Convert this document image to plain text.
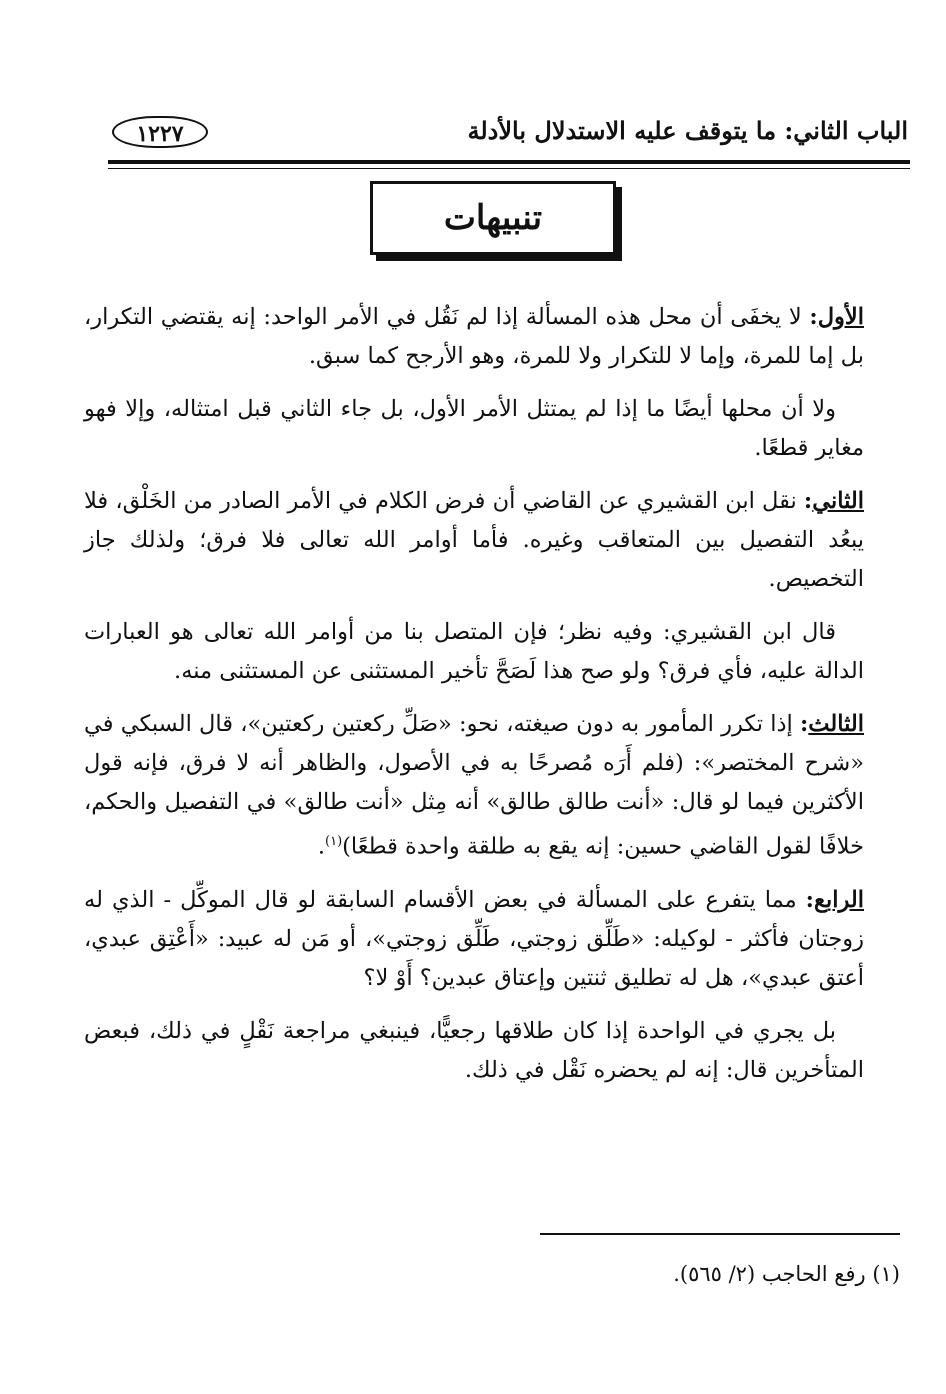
الباب الثاني: ما يتوقف عليه الاستدلال بالأدلة
١٢٢٧
تنبيهات

الأول: لا يخفَى أن محل هذه المسألة إذا لم نَقُل في الأمر الواحد: إنه يقتضي التكرار، بل إما للمرة، وإما لا للتكرار ولا للمرة، وهو الأرجح كما سبق.

ولا أن محلها أيضًا ما إذا لم يمتثل الأمر الأول، بل جاء الثاني قبل امتثاله، وإلا فهو مغاير قطعًا.

الثاني: نقل ابن القشيري عن القاضي أن فرض الكلام في الأمر الصادر من الخَلْق، فلا يبعُد التفصيل بين المتعاقب وغيره. فأما أوامر الله تعالى فلا فرق؛ ولذلك جاز التخصيص.

قال ابن القشيري: وفيه نظر؛ فإن المتصل بنا من أوامر الله تعالى هو العبارات الدالة عليه، فأي فرق؟ ولو صح هذا لَصَحَّ تأخير المستثنى عن المستثنى منه.

الثالث: إذا تكرر المأمور به دون صيغته، نحو: «صَلِّ ركعتين ركعتين»، قال السبكي في «شرح المختصر»: (فلم أَرَه مُصرحًا به في الأصول، والظاهر أنه لا فرق، فإنه قول الأكثرين فيما لو قال: «أنت طالق طالق» أنه مِثل «أنت طالق» في التفصيل والحكم، خلافًا لقول القاضي حسين: إنه يقع به طلقة واحدة قطعًا)$^{(١)}$.

الرابع: مما يتفرع على المسألة في بعض الأقسام السابقة لو قال الموكِّل - الذي له زوجتان فأكثر - لوكيله: «طَلِّق زوجتي، طَلِّق زوجتي»، أو مَن له عبيد: «أَعْتِق عبدي، أعتق عبدي»، هل له تطليق ثنتين وإعتاق عبدين؟ أَوْ لا؟

بل يجري في الواحدة إذا كان طلاقها رجعيًّا، فينبغي مراجعة نَقْلٍ في ذلك، فبعض المتأخرين قال: إنه لم يحضره نَقْل في ذلك.

(١) رفع الحاجب (٢/ ٥٦٥).
